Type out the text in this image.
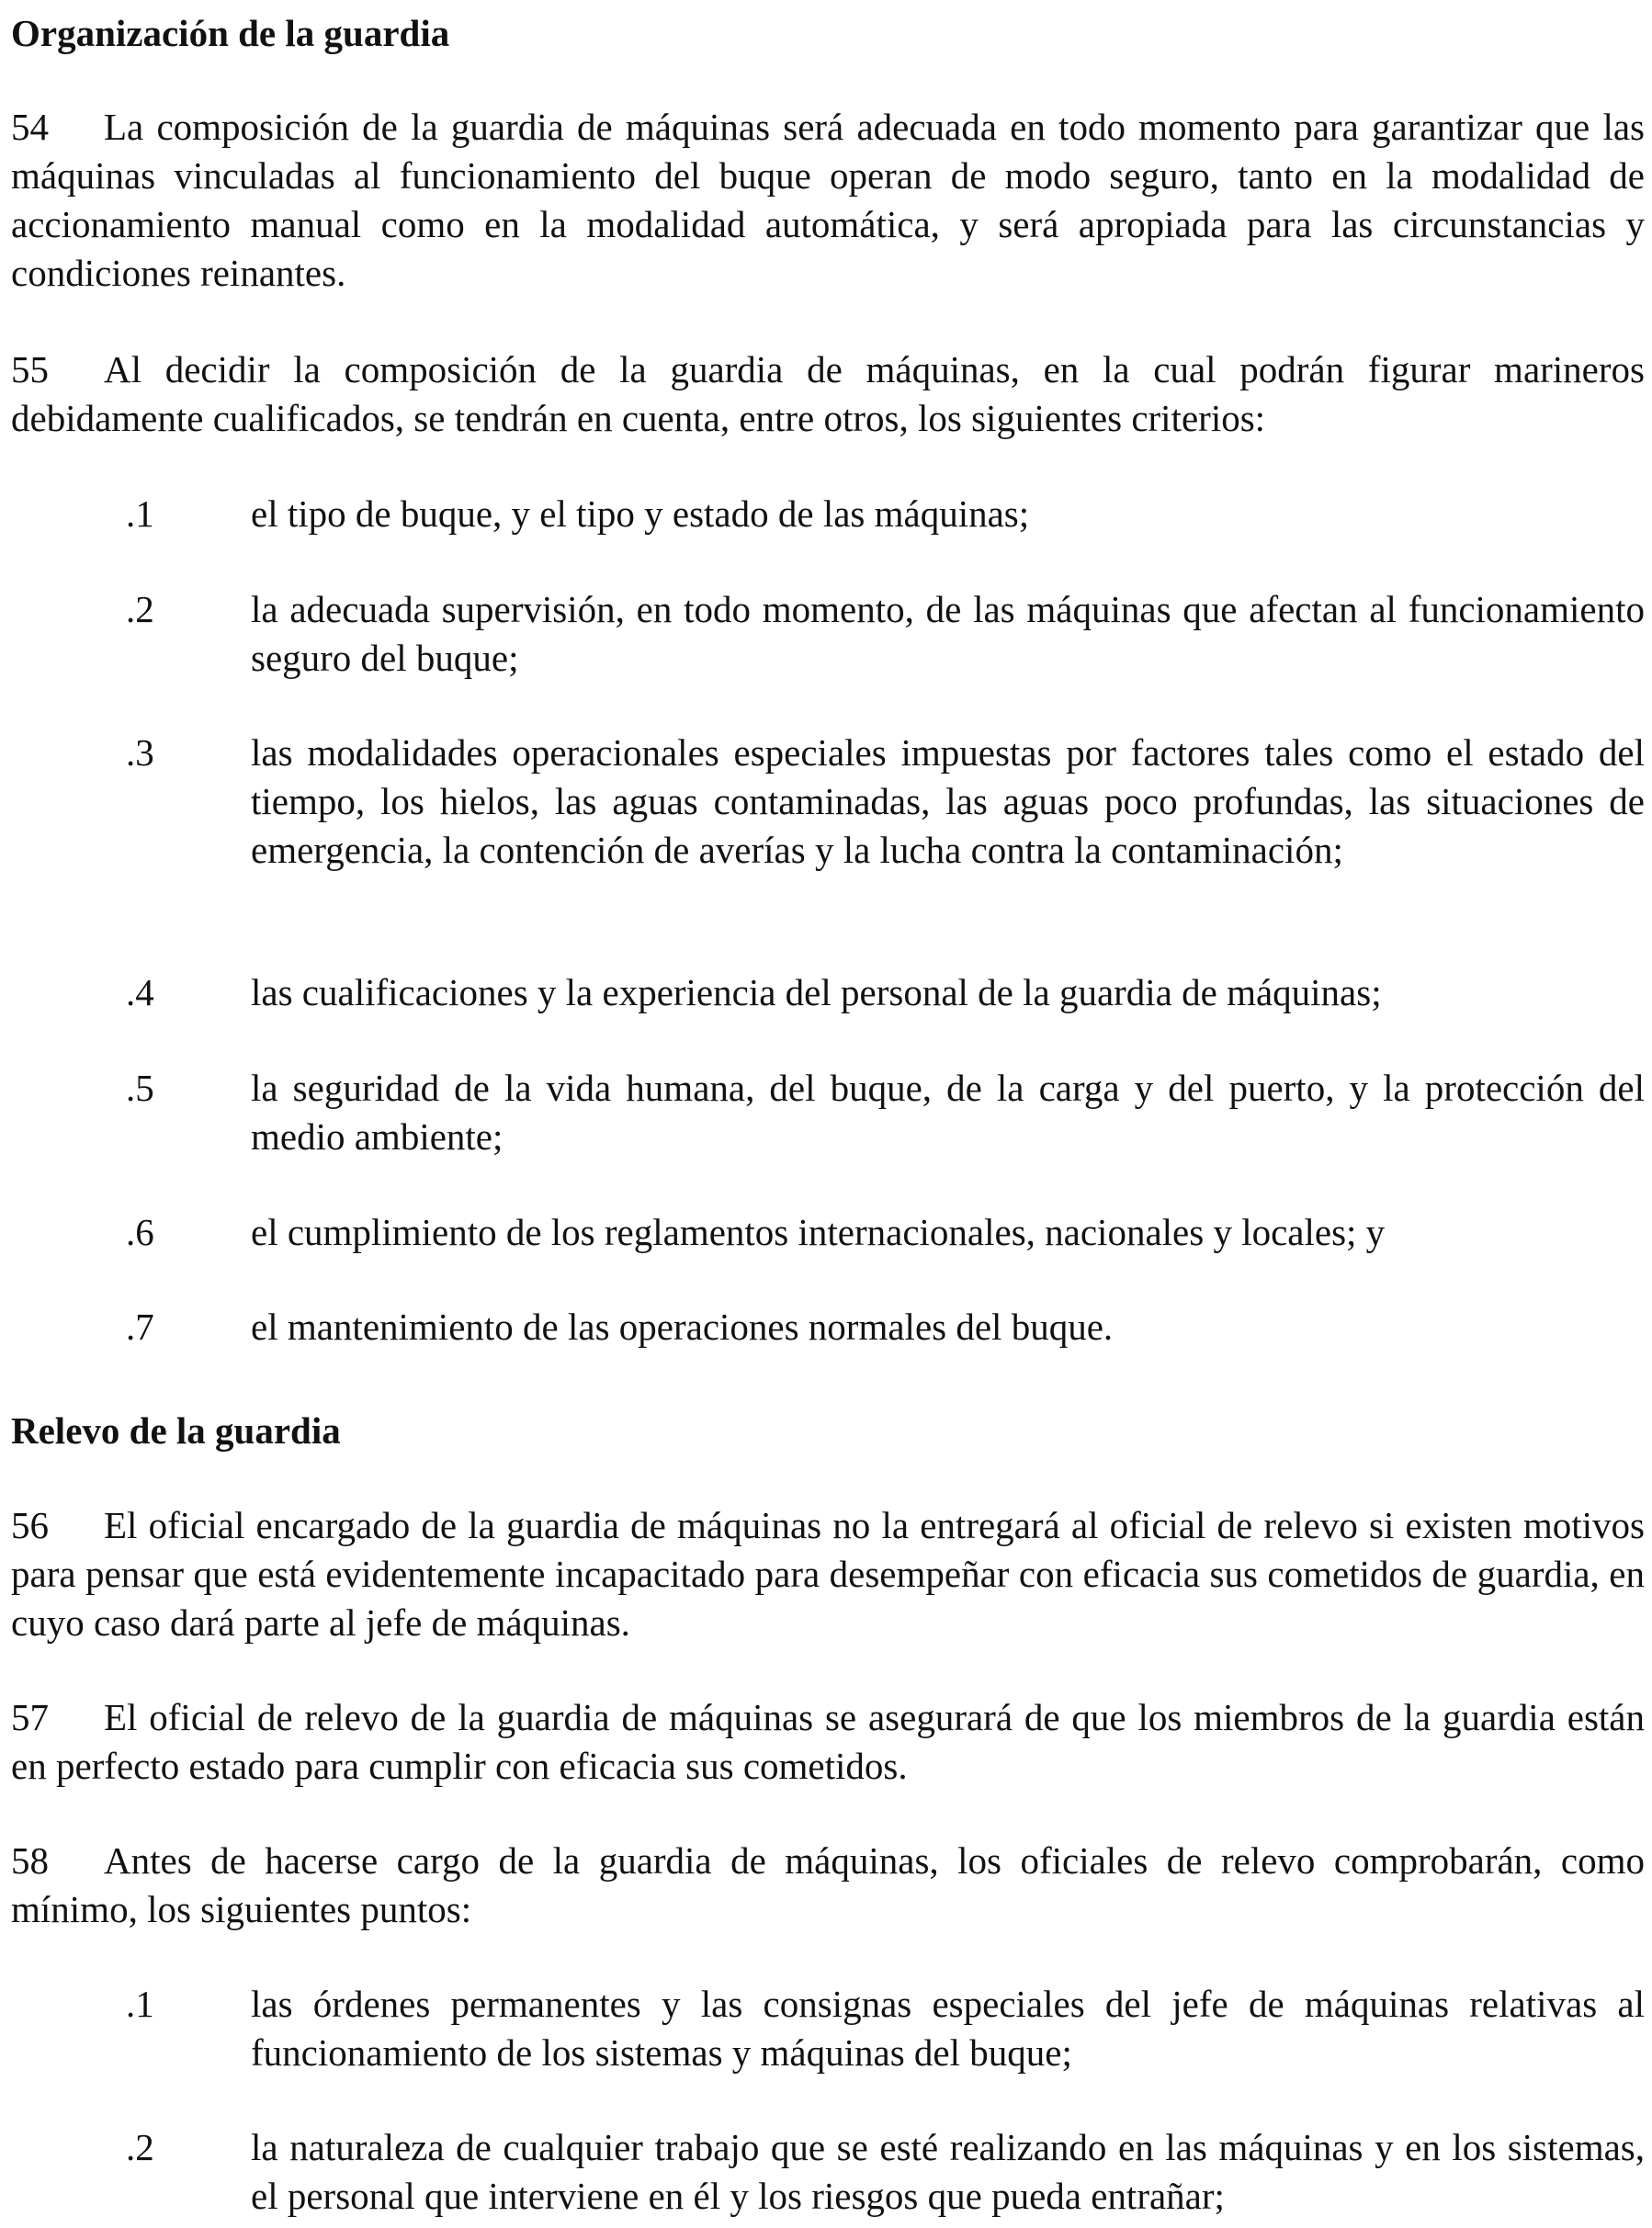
Organización de la guardia

54 La composición de la guardia de máquinas será adecuada en todo momento para garantizar que las máquinas vinculadas al funcionamiento del buque operan de modo seguro, tanto en la modalidad de accionamiento manual como en la modalidad automática, y será apropiada para las circunstancias y condiciones reinantes.

55 Al decidir la composición de la guardia de máquinas, en la cual podrán figurar marineros debidamente cualificados, se tendrán en cuenta, entre otros, los siguientes criterios:

.1	el tipo de buque, y el tipo y estado de las máquinas;

.2	la adecuada supervisión, en todo momento, de las máquinas que afectan al funcionamiento seguro del buque;

.3	las modalidades operacionales especiales impuestas por factores tales como el estado del tiempo, los hielos, las aguas contaminadas, las aguas poco profundas, las situaciones de emergencia, la contención de averías y la lucha contra la contaminación;

.4	las cualificaciones y la experiencia del personal de la guardia de máquinas;

.5	la seguridad de la vida humana, del buque, de la carga y del puerto, y la protección del medio ambiente;

.6	el cumplimiento de los reglamentos internacionales, nacionales y locales; y

.7	el mantenimiento de las operaciones normales del buque.

Relevo de la guardia

56 El oficial encargado de la guardia de máquinas no la entregará al oficial de relevo si existen motivos para pensar que está evidentemente incapacitado para desempeñar con eficacia sus cometidos de guardia, en cuyo caso dará parte al jefe de máquinas.

57 El oficial de relevo de la guardia de máquinas se asegurará de que los miembros de la guardia están en perfecto estado para cumplir con eficacia sus cometidos.

58 Antes de hacerse cargo de la guardia de máquinas, los oficiales de relevo comprobarán, como mínimo, los siguientes puntos:

.1	las órdenes permanentes y las consignas especiales del jefe de máquinas relativas al funcionamiento de los sistemas y máquinas del buque;

.2	la naturaleza de cualquier trabajo que se esté realizando en las máquinas y en los sistemas, el personal que interviene en él y los riesgos que pueda entrañar;
